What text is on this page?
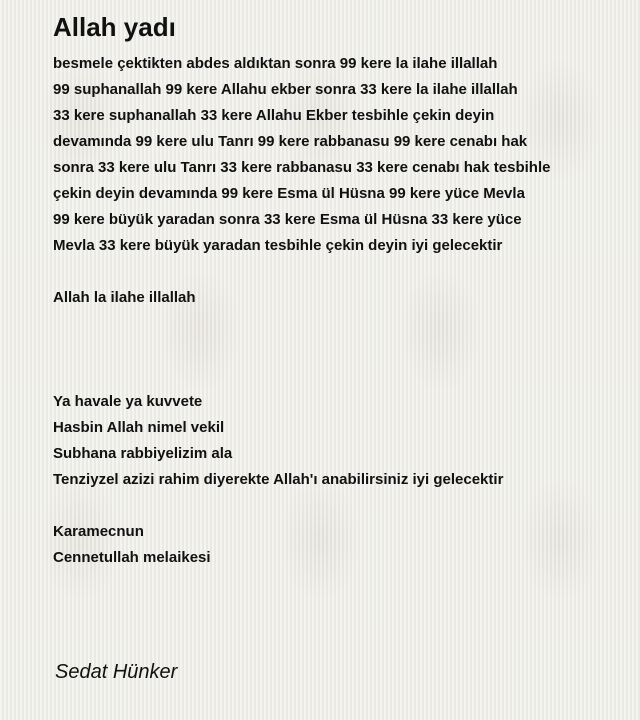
Allah yadı
besmele çektikten abdes aldıktan sonra 99 kere la ilahe illallah
99 suphanallah 99 kere Allahu ekber sonra 33 kere la ilahe illallah
33 kere suphanallah 33 kere Allahu Ekber tesbihle çekin deyin
devamında 99 kere ulu Tanrı 99 kere rabbanasu 99 kere cenabı hak
sonra 33 kere ulu Tanrı 33 kere rabbanasu 33 kere cenabı hak tesbihle
çekin deyin devamında 99 kere Esma ül Hüsna 99 kere yüce Mevla
99 kere büyük yaradan sonra 33 kere Esma ül Hüsna 33 kere yüce
Mevla 33 kere büyük yaradan tesbihle çekin deyin iyi gelecektir
Allah la ilahe illallah
Ya havale ya kuvvete
Hasbin Allah nimel vekil
Subhana rabbiyelizim ala
Tenziyzel azizi rahim diyerekte Allah'ı anabilirsiniz iyi gelecektir
Karamecnun
Cennetullah melaikesi
Sedat Hünker
